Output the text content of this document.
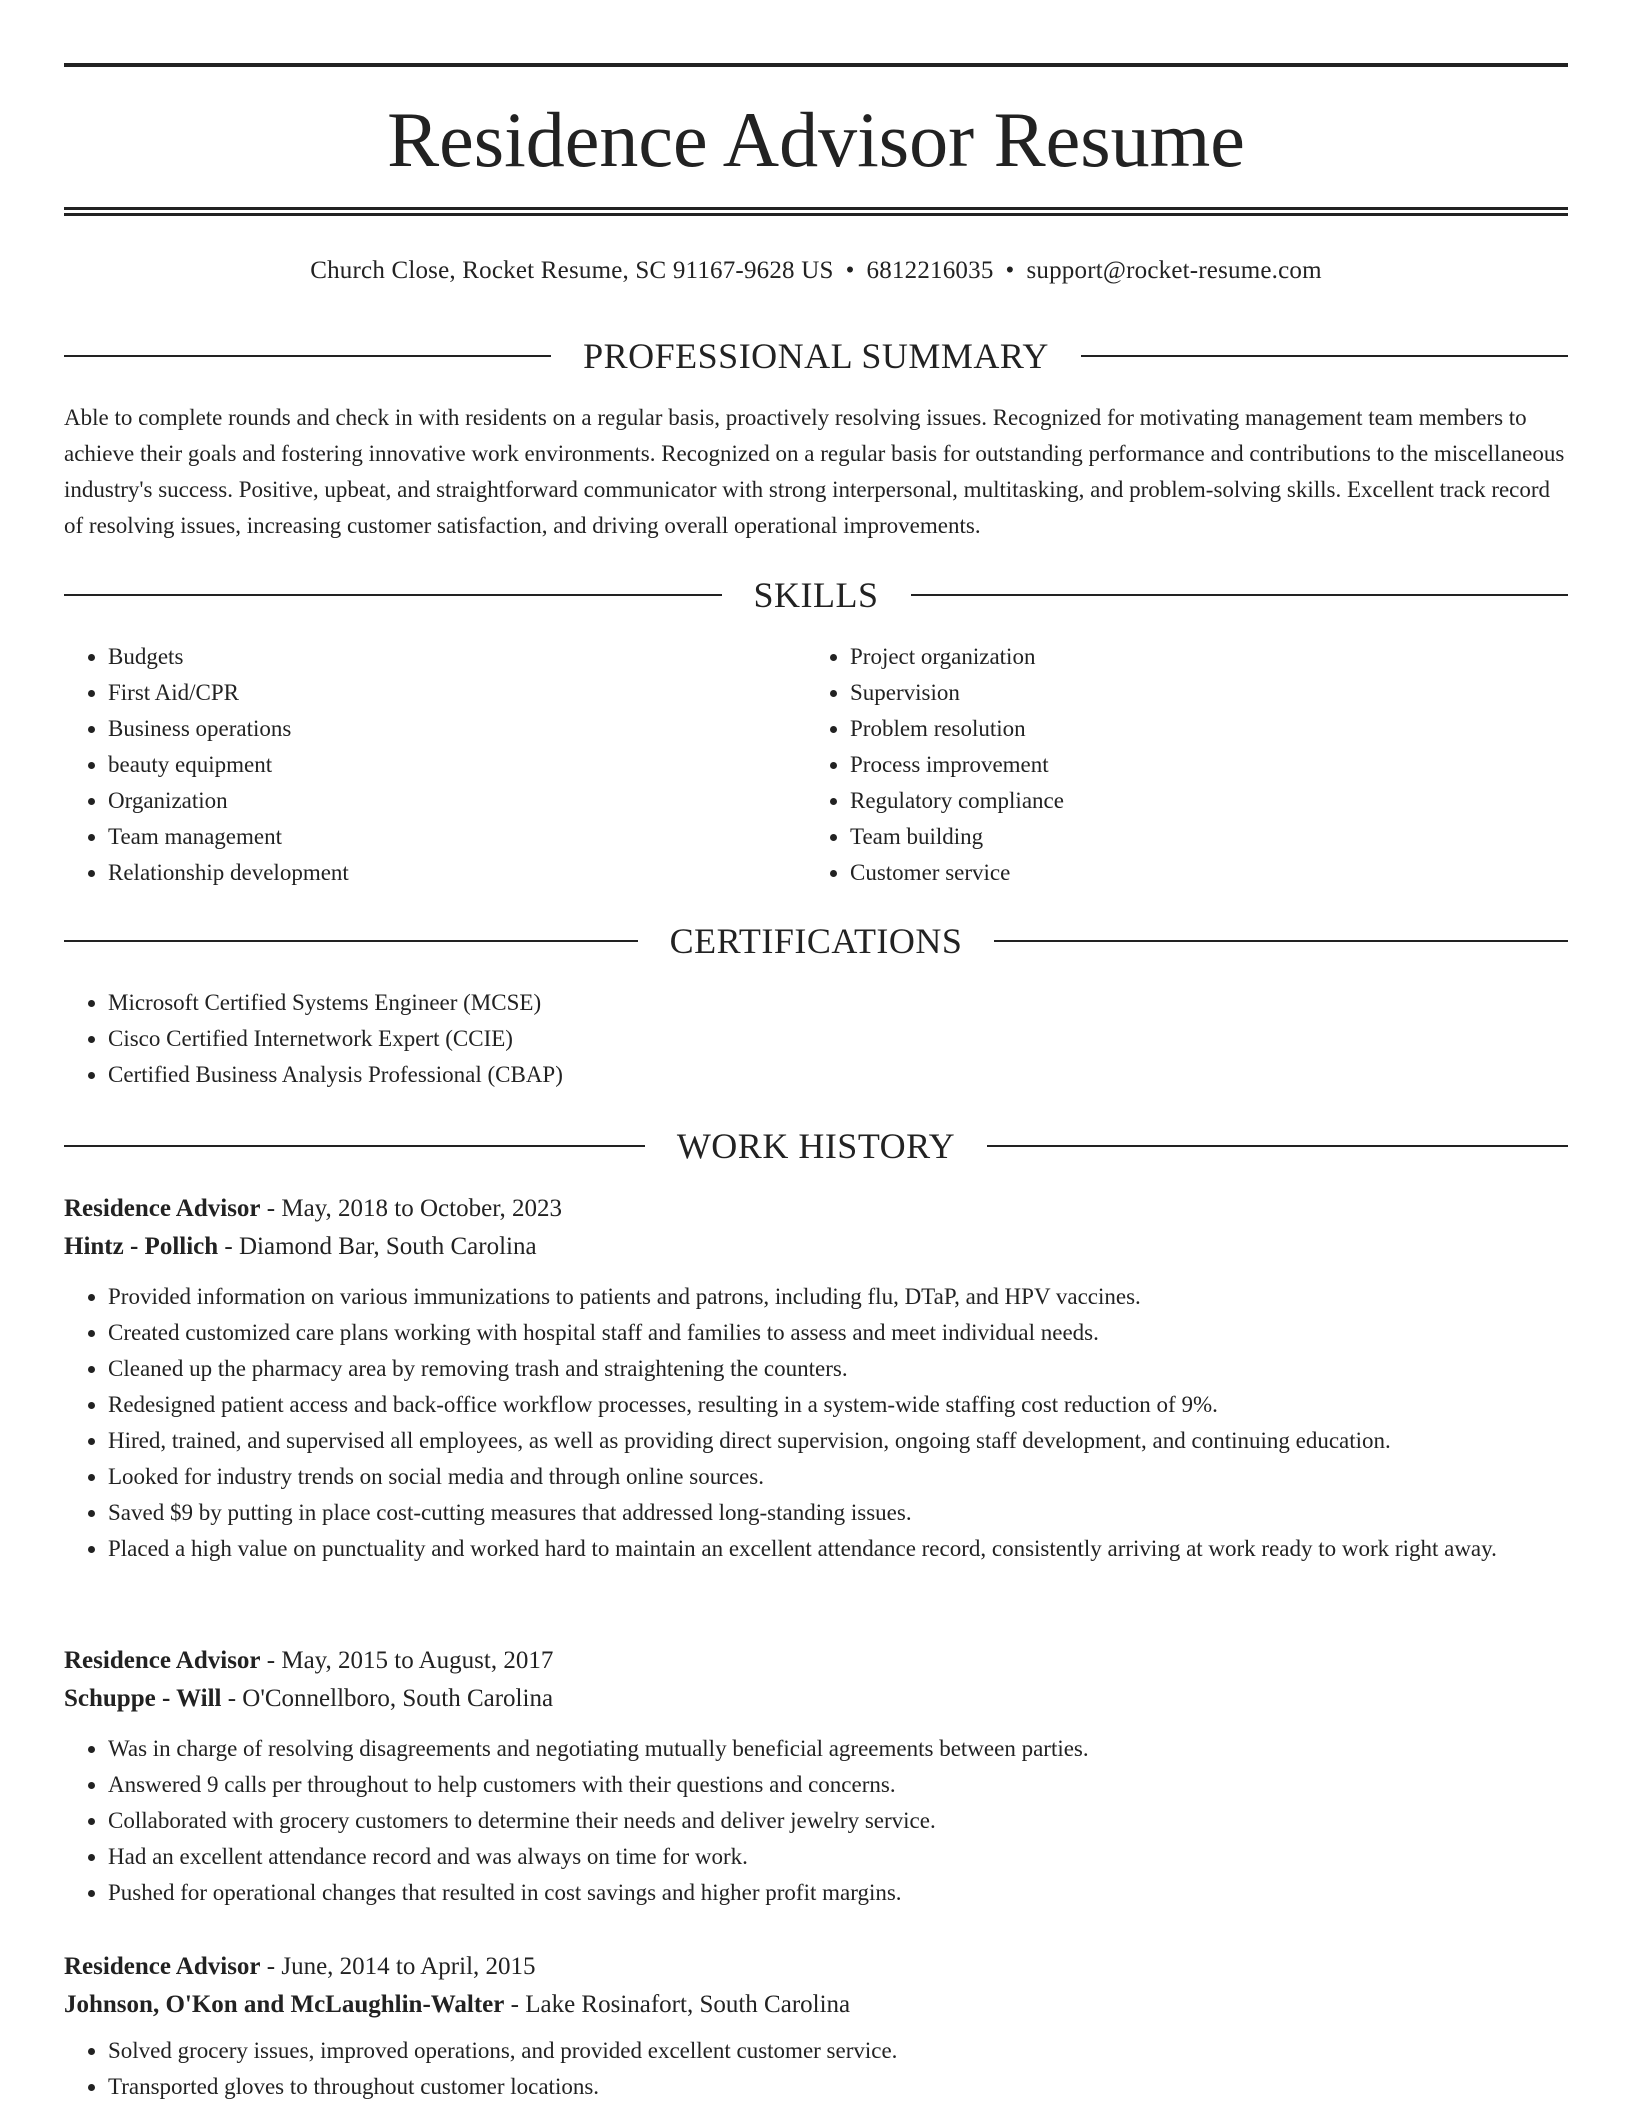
Residence Advisor Resume
Church Close, Rocket Resume, SC 91167-9628 US • 6812216035 • support@rocket-resume.com
PROFESSIONAL SUMMARY

Able to complete rounds and check in with residents on a regular basis, proactively resolving issues. Recognized for motivating management team members to achieve their goals and fostering innovative work environments. Recognized on a regular basis for outstanding performance and contributions to the miscellaneous industry's success. Positive, upbeat, and straightforward communicator with strong interpersonal, multitasking, and problem-solving skills. Excellent track record of resolving issues, increasing customer satisfaction, and driving overall operational improvements.

SKILLS
• Budgets
• First Aid/CPR
• Business operations
• beauty equipment
• Organization
• Team management
• Relationship development
• Project organization
• Supervision
• Problem resolution
• Process improvement
• Regulatory compliance
• Team building
• Customer service
CERTIFICATIONS
• Microsoft Certified Systems Engineer (MCSE)
• Cisco Certified Internetwork Expert (CCIE)
• Certified Business Analysis Professional (CBAP)
WORK HISTORY
Residence Advisor - May, 2018 to October, 2023
Hintz - Pollich - Diamond Bar, South Carolina
• Provided information on various immunizations to patients and patrons, including flu, DTaP, and HPV vaccines.
• Created customized care plans working with hospital staff and families to assess and meet individual needs.
• Cleaned up the pharmacy area by removing trash and straightening the counters.
• Redesigned patient access and back-office workflow processes, resulting in a system-wide staffing cost reduction of 9%.
• Hired, trained, and supervised all employees, as well as providing direct supervision, ongoing staff development, and continuing education.
• Looked for industry trends on social media and through online sources.
• Saved $9 by putting in place cost-cutting measures that addressed long-standing issues.
• Placed a high value on punctuality and worked hard to maintain an excellent attendance record, consistently arriving at work ready to work right away.
Residence Advisor - May, 2015 to August, 2017
Schuppe - Will - O'Connellboro, South Carolina
• Was in charge of resolving disagreements and negotiating mutually beneficial agreements between parties.
• Answered 9 calls per throughout to help customers with their questions and concerns.
• Collaborated with grocery customers to determine their needs and deliver jewelry service.
• Had an excellent attendance record and was always on time for work.
• Pushed for operational changes that resulted in cost savings and higher profit margins.
Residence Advisor - June, 2014 to April, 2015
Johnson, O'Kon and McLaughlin-Walter - Lake Rosinafort, South Carolina
• Solved grocery issues, improved operations, and provided excellent customer service.
• Transported gloves to throughout customer locations.
